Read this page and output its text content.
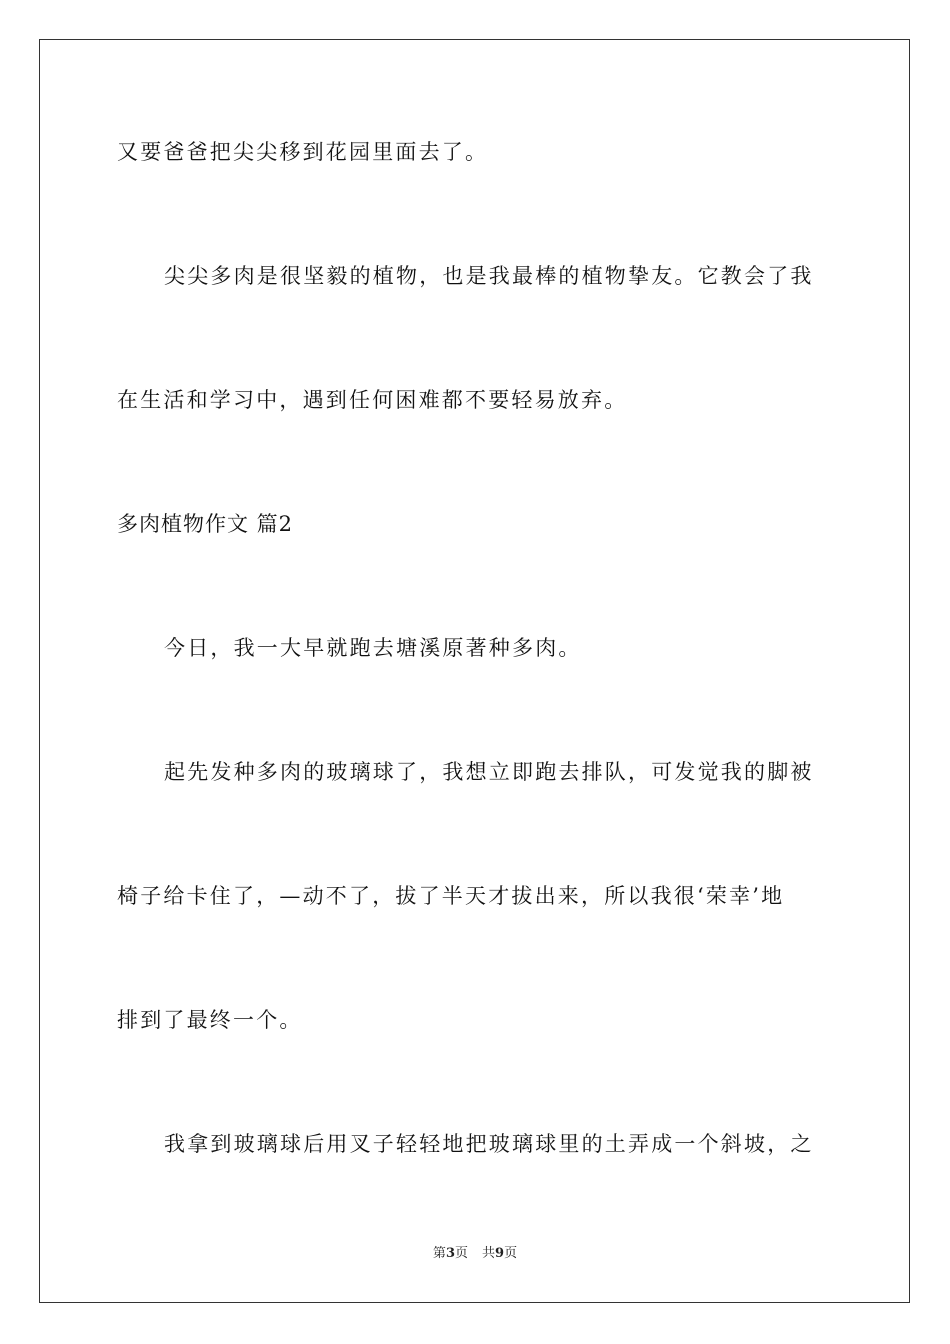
又要爸爸把尖尖移到花园里面去了。
尖尖多肉是很坚毅的植物，也是我最棒的植物挚友。它教会了我
在生活和学习中，遇到任何困难都不要轻易放弃。
多肉植物作文 篇2
今日，我一大早就跑去塘溪原著种多肉。
起先发种多肉的玻璃球了，我想立即跑去排队，可发觉我的脚被
椅子给卡住了，—动不了，拔了半天才拔出来，所以我很‘荣幸’地
排到了最终一个。
我拿到玻璃球后用叉子轻轻地把玻璃球里的土弄成一个斜坡，之
第3页 共9页
